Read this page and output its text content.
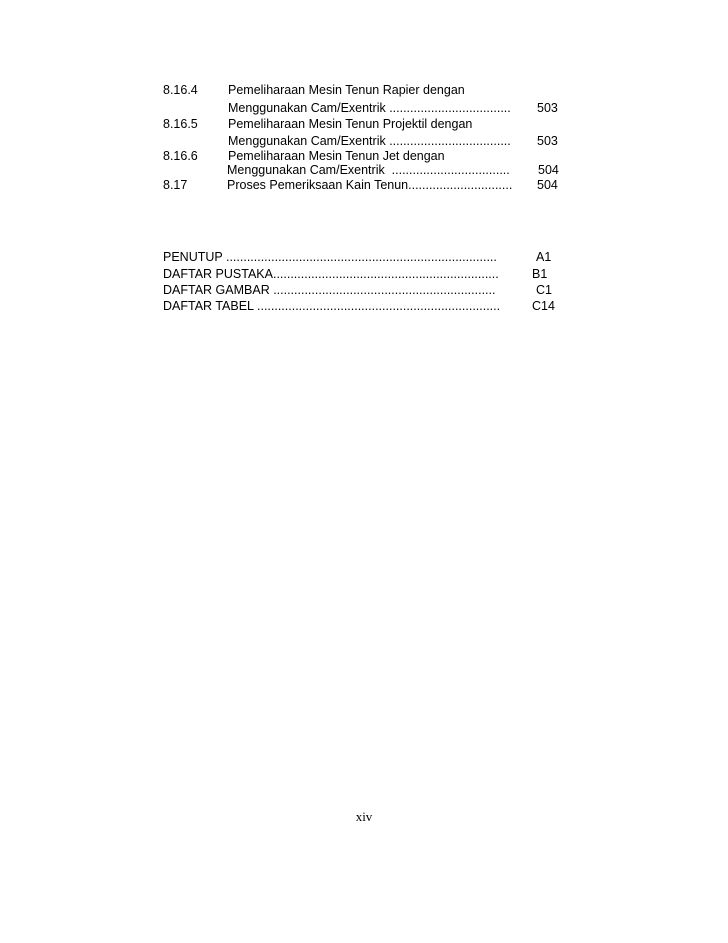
8.16.4 Pemeliharaan Mesin Tenun Rapier dengan
Menggunakan Cam/Exentrik ................................... 503
8.16.5 Pemeliharaan Mesin Tenun Projektil dengan
Menggunakan Cam/Exentrik ................................... 503
8.16.6 Pemeliharaan Mesin Tenun Jet dengan
Menggunakan Cam/Exentrik  .................................. 504
8.17	Proses Pemeriksaan Kain Tenun.............................. 504
PENUTUP ..............................................................................	A1
DAFTAR PUSTAKA.................................................................	B1
DAFTAR GAMBAR ................................................................	C1
DAFTAR TABEL ......................................................................	C14
xiv
